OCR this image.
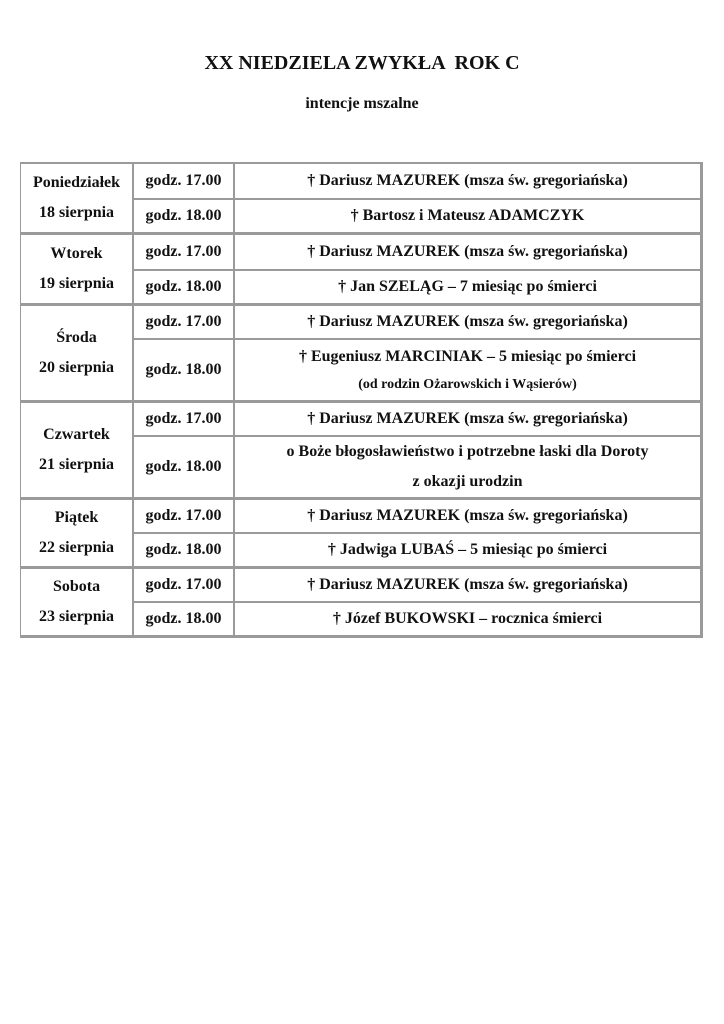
XX NIEDZIELA ZWYKŁA  ROK C
intencje mszalne
Poniedziałek
18 sierpnia	godz. 17.00	† Dariusz MAZUREK (msza św. gregoriańska)
	godz. 18.00	† Bartosz i Mateusz ADAMCZYK

Wtorek
19 sierpnia	godz. 17.00	† Dariusz MAZUREK (msza św. gregoriańska)
	godz. 18.00	† Jan SZELĄG – 7 miesiąc po śmierci

Środa
20 sierpnia	godz. 17.00	† Dariusz MAZUREK (msza św. gregoriańska)
	godz. 18.00	† Eugeniusz MARCINIAK – 5 miesiąc po śmierci
(od rodzin Ożarowskich i Wąsierów)

Czwartek
21 sierpnia	godz. 17.00	† Dariusz MAZUREK (msza św. gregoriańska)
	godz. 18.00	o Boże błogosławieństwo i potrzebne łaski dla Doroty
z okazji urodzin

Piątek
22 sierpnia	godz. 17.00	† Dariusz MAZUREK (msza św. gregoriańska)
	godz. 18.00	† Jadwiga LUBAŚ – 5 miesiąc po śmierci

Sobota
23 sierpnia	godz. 17.00	† Dariusz MAZUREK (msza św. gregoriańska)
	godz. 18.00	† Józef BUKOWSKI – rocznica śmierci
